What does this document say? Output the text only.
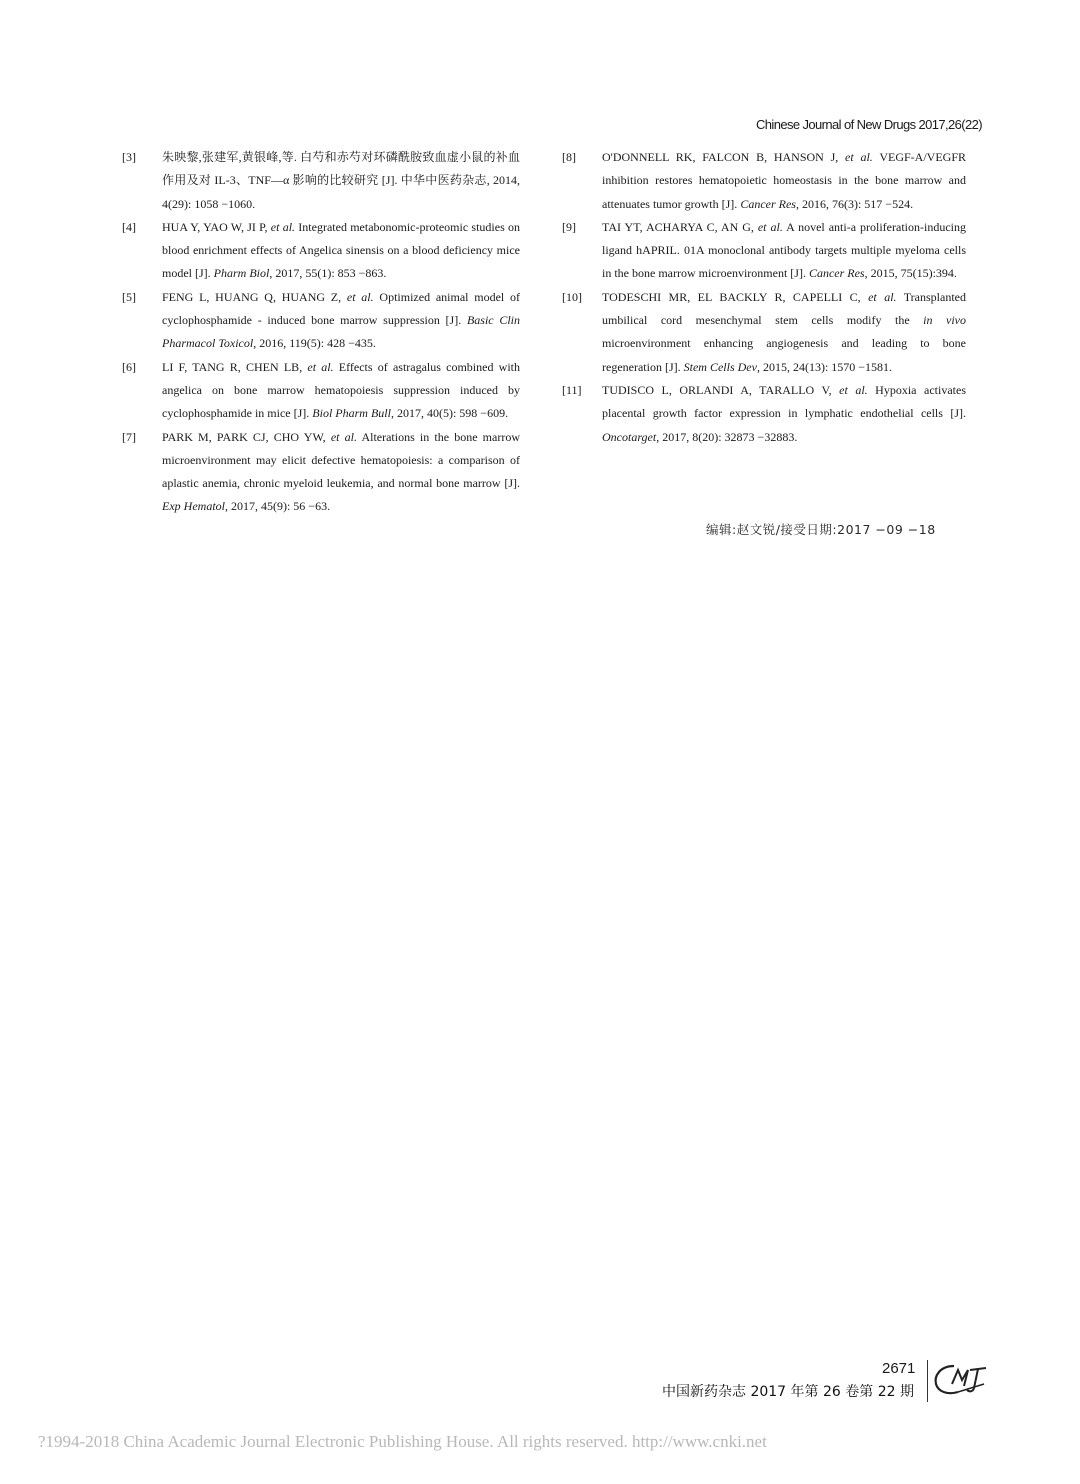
Chinese Journal of New Drugs 2017,26(22)
[3] 朱映黎,张建军,黄银峰,等. 白芍和赤芍对环磷酰胺致血虚小鼠的补血作用及对 IL-3、TNF—α 影响的比较研究 [J]. 中华中医药杂志, 2014, 4(29): 1058 −1060.
[4] HUA Y, YAO W, JI P, et al. Integrated metabonomic-proteomic studies on blood enrichment effects of Angelica sinensis on a blood deficiency mice model [J]. Pharm Biol, 2017, 55(1): 853 −863.
[5] FENG L, HUANG Q, HUANG Z, et al. Optimized animal model of cyclophosphamide - induced bone marrow suppression [J]. Basic Clin Pharmacol Toxicol, 2016, 119(5): 428 −435.
[6] LI F, TANG R, CHEN LB, et al. Effects of astragalus combined with angelica on bone marrow hematopoiesis suppression induced by cyclophosphamide in mice [J]. Biol Pharm Bull, 2017, 40(5): 598 −609.
[7] PARK M, PARK CJ, CHO YW, et al. Alterations in the bone marrow microenvironment may elicit defective hematopoiesis: a comparison of aplastic anemia, chronic myeloid leukemia, and normal bone marrow [J]. Exp Hematol, 2017, 45(9): 56 −63.
[8] O'DONNELL RK, FALCON B, HANSON J, et al. VEGF-A/VEGFR inhibition restores hematopoietic homeostasis in the bone marrow and attenuates tumor growth [J]. Cancer Res, 2016, 76(3): 517 −524.
[9] TAI YT, ACHARYA C, AN G, et al. A novel anti-a proliferation-inducing ligand hAPRIL. 01A monoclonal antibody targets multiple myeloma cells in the bone marrow microenvironment [J]. Cancer Res, 2015, 75(15):394.
[10] TODESCHI MR, EL BACKLY R, CAPELLI C, et al. Transplanted umbilical cord mesenchymal stem cells modify the in vivo microenvironment enhancing angiogenesis and leading to bone regeneration [J]. Stem Cells Dev, 2015, 24(13): 1570 −1581.
[11] TUDISCO L, ORLANDI A, TARALLO V, et al. Hypoxia activates placental growth factor expression in lymphatic endothelial cells [J]. Oncotarget, 2017, 8(20): 32873 −32883.
编辑:赵文锐/接受日期:2017 −09 −18
2671
中国新药杂志 2017 年第 26 卷第 22 期
?1994-2018 China Academic Journal Electronic Publishing House. All rights reserved. http://www.cnki.net
